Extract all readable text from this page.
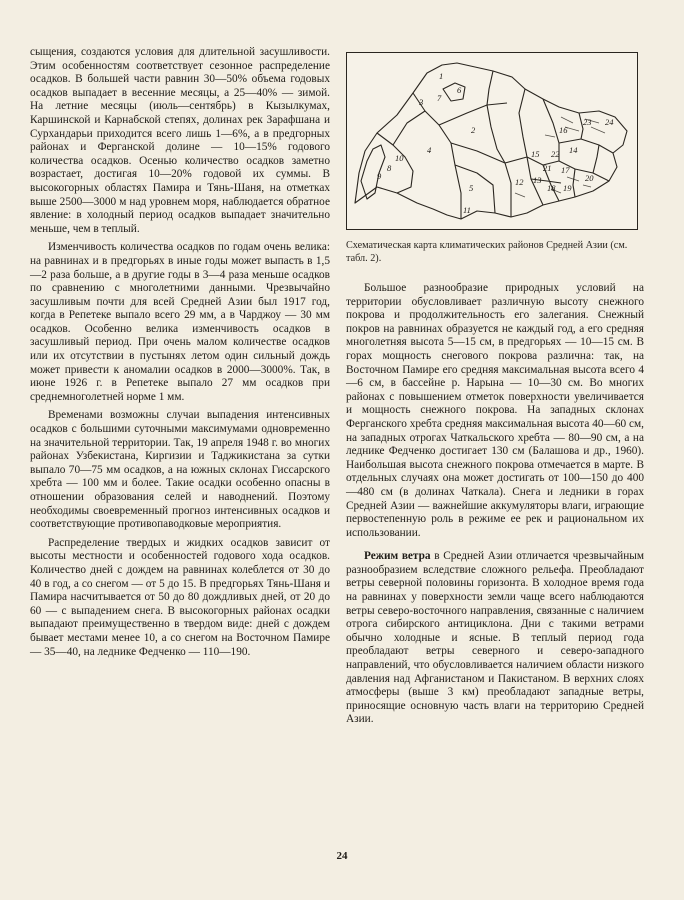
сыщения, создаются условия для длительной засушливости. Этим особенностям соответствует сезонное распределение осадков. В большей части равнин 30—50% объема годовых осадков выпадает в весенние месяцы, а 25—40% — зимой. На летние месяцы (июль—сентябрь) в Кызылкумах, Каршинской и Карнабской степях, долинах рек Зарафшана и Сурхандарьи приходится всего лишь 1—6%, а в предгорных районах и Ферганской долине — 10—15% годового количества осадков. Осенью количество осадков заметно возрастает, достигая 10—20% годовой их суммы. В высокогорных областях Памира и Тянь-Шаня, на отметках выше 2500—3000 м над уровнем моря, наблюдается обратное явление: в холодный период осадков выпадает значительно меньше, чем в теплый.

Изменчивость количества осадков по годам очень велика: на равнинах и в предгорьях в иные годы может выпасть в 1,5—2 раза больше, а в другие годы в 3—4 раза меньше осадков по сравнению с многолетними данными. Чрезвычайно засушливым почти для всей Средней Азии был 1917 год, когда в Репетеке выпало всего 29 мм, а в Чарджоу — 30 мм осадков. Особенно велика изменчивость осадков в засушливый период. При очень малом количестве осадков или их отсутствии в пустынях летом один сильный дождь может привести к аномалии осадков в 2000—3000%. Так, в июне 1926 г. в Репетеке выпало 27 мм осадков при среднемноголетней норме 1 мм.

Временами возможны случаи выпадения интенсивных осадков с большими суточными максимумами одновременно на значительной территории. Так, 19 апреля 1948 г. во многих районах Узбекистана, Киргизии и Таджикистана за сутки выпало 70—75 мм осадков, а на южных склонах Гиссарского хребта — 100 мм и более. Такие осадки особенно опасны в отношении образования селей и наводнений. Поэтому необходимы своевременный прогноз интенсивных осадков и соответствующие противопаводковые мероприятия.

Распределение твердых и жидких осадков зависит от высоты местности и особенностей годового хода осадков. Количество дней с дождем на равнинах колеблется от 30 до 40 в год, а со снегом — от 5 до 15. В предгорьях Тянь-Шаня и Памира насчитывается от 50 до 80 дождливых дней, от 20 до 60 — с выпадением снега. В высокогорных районах осадки выпадают преимущественно в твердом виде: дней с дождем бывает местами менее 10, а со снегом на Восточном Памире — 35—40, на леднике Федченко — 110—190.

1
2
3
4
5
6
7
8
9
10
11
12 13
14
15
16
17
18 19
20
21
22
23 24
Схематическая карта климатических районов Средней Азии (см. табл. 2).

Большое разнообразие природных условий на территории обусловливает различную высоту снежного покрова и продолжительность его залегания. Снежный покров на равнинах образуется не каждый год, а его средняя многолетняя высота 5—15 см, в предгорьях — 10—15 см. В горах мощность снегового покрова различна: так, на Восточном Памире его средняя максимальная высота всего 4—6 см, в бассейне р. Нарына — 10—30 см. Во многих районах с повышением отметок поверхности увеличивается и мощность снежного покрова. На западных склонах Ферганского хребта средняя максимальная высота 40—60 см, на западных отрогах Чаткальского хребта — 80—90 см, а на леднике Федченко достигает 130 см (Балашова и др., 1960). Наибольшая высота снежного покрова отмечается в марте. В отдельных случаях она может достигать от 100—150 до 400—480 см (в долинах Чаткала). Снега и ледники в горах Средней Азии — важнейшие аккумуляторы влаги, играющие первостепенную роль в режиме ее рек и рациональном их использовании.

Режим ветра в Средней Азии отличается чрезвычайным разнообразием вследствие сложного рельефа. Преобладают ветры северной половины горизонта. В холодное время года на равнинах у поверхности земли чаще всего наблюдаются ветры северо-восточного направления, связанные с наличием отрога сибирского антициклона. Дни с такими ветрами обычно холодные и ясные. В теплый период года преобладают ветры северного и северо-западного направлений, что обусловливается наличием области низкого давления над Афганистаном и Пакистаном. В верхних слоях атмосферы (выше 3 км) преобладают западные ветры, приносящие основную часть влаги на территорию Средней Азии.

24
